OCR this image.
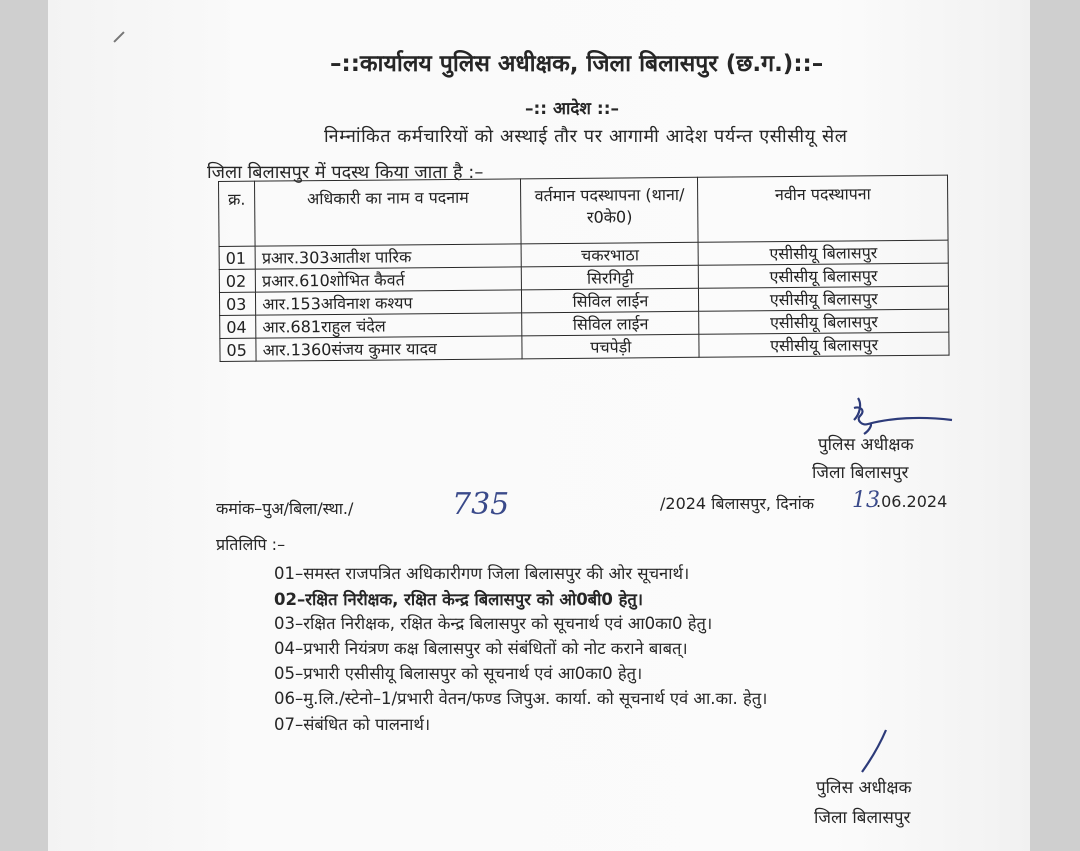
–::कार्यालय पुलिस अधीक्षक, जिला बिलासपुर (छ.ग.)::–
–:: आदेश ::–
निम्नांकित कर्मचारियों को अस्थाई तौर पर आगामी आदेश पर्यन्त एसीसीयू सेल
जिला बिलासपुर में पदस्थ किया जाता है :–
क्र.	अधिकारी का नाम व पदनाम	वर्तमान पदस्थापना (थाना/र0के0)	नवीन पदस्थापना
01	प्रआर.303आतीश पारिक	चकरभाठा	एसीसीयू बिलासपुर
02	प्रआर.610शोभित कैवर्त	सिरगिट्टी	एसीसीयू बिलासपुर
03	आर.153अविनाश कश्यप	सिविल लाईन	एसीसीयू बिलासपुर
04	आर.681राहुल चंदेल	सिविल लाईन	एसीसीयू बिलासपुर
05	आर.1360संजय कुमार यादव	पचपेड़ी	एसीसीयू बिलासपुर
पुलिस अधीक्षक
जिला बिलासपुर
कमांक–पुअ/बिला/स्था./	735	/2024 बिलासपुर, दिनांक 13
.06.2024
प्रतिलिपि :–
01–समस्त राजपत्रित अधिकारीगण जिला बिलासपुर की ओर सूचनार्थ।
02–रक्षित निरीक्षक, रक्षित केन्द्र बिलासपुर को ओ0बी0 हेतु।
03–रक्षित निरीक्षक, रक्षित केन्द्र बिलासपुर को सूचनार्थ एवं आ0का0 हेतु।
04–प्रभारी नियंत्रण कक्ष बिलासपुर को संबंधितों को नोट कराने बाबत्।
05–प्रभारी एसीसीयू बिलासपुर को सूचनार्थ एवं आ0का0 हेतु।
06–मु.लि./स्टेनो–1/प्रभारी वेतन/फण्ड जिपुअ. कार्या. को सूचनार्थ एवं आ.का. हेतु।
07–संबंधित को पालनार्थ।
पुलिस अधीक्षक
जिला बिलासपुर
